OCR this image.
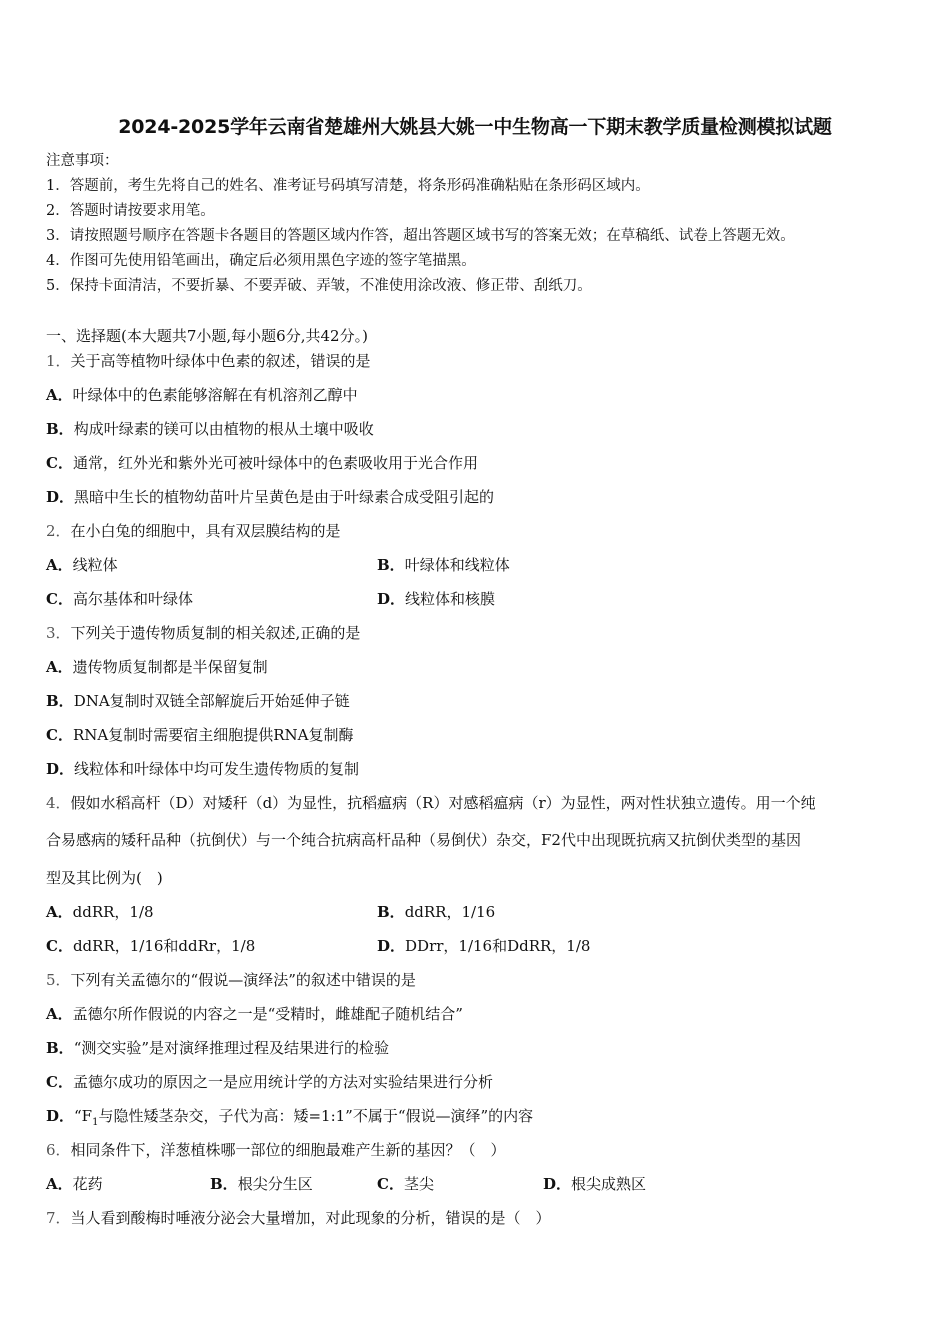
2024-2025学年云南省楚雄州大姚县大姚一中生物高一下期末教学质量检测模拟试题
注意事项：
1．答题前，考生先将自己的姓名、准考证号码填写清楚，将条形码准确粘贴在条形码区域内。
2．答题时请按要求用笔。
3．请按照题号顺序在答题卡各题目的答题区域内作答，超出答题区域书写的答案无效；在草稿纸、试卷上答题无效。
4．作图可先使用铅笔画出，确定后必须用黑色字迹的签字笔描黑。
5．保持卡面清洁，不要折暴、不要弄破、弄皱，不准使用涂改液、修正带、刮纸刀。
一、选择题(本大题共7小题,每小题6分,共42分。)
1．关于高等植物叶绿体中色素的叙述，错误的是
A．叶绿体中的色素能够溶解在有机溶剂乙醇中
B．构成叶绿素的镁可以由植物的根从土壤中吸收
C．通常，红外光和紫外光可被叶绿体中的色素吸收用于光合作用
D．黑暗中生长的植物幼苗叶片呈黄色是由于叶绿素合成受阻引起的
2．在小白兔的细胞中，具有双层膜结构的是
A．线粒体	B．叶绿体和线粒体
C．高尔基体和叶绿体	D．线粒体和核膜
3．下列关于遗传物质复制的相关叙述,正确的是
A．遗传物质复制都是半保留复制
B．DNA复制时双链全部解旋后开始延伸子链
C．RNA复制时需要宿主细胞提供RNA复制酶
D．线粒体和叶绿体中均可发生遗传物质的复制
4．假如水稻高杆（D）对矮秆（d）为显性，抗稻瘟病（R）对感稻瘟病（r）为显性，两对性状独立遗传。用一个纯
合易感病的矮秆品种（抗倒伏）与一个纯合抗病高杆品种（易倒伏）杂交，F2代中出现既抗病又抗倒伏类型的基因
型及其比例为(　)
A．ddRR，1/8	B．ddRR，1/16
C．ddRR，1/16和ddRr，1/8	D．DDrr，1/16和DdRR，1/8
5．下列有关孟德尔的“假说—演绎法”的叙述中错误的是
A．孟德尔所作假说的内容之一是“受精时，雌雄配子随机结合”
B．“测交实验”是对演绎推理过程及结果进行的检验
C．孟德尔成功的原因之一是应用统计学的方法对实验结果进行分析
D．“$F_1$与隐性矮茎杂交，子代为高：矮=1:1”不属于“假说—演绎”的内容
6．相同条件下，洋葱植株哪一部位的细胞最难产生新的基因？（　）
A．花药	B．根尖分生区	C．茎尖	D．根尖成熟区
7．当人看到酸梅时唾液分泌会大量增加，对此现象的分析，错误的是（　）
